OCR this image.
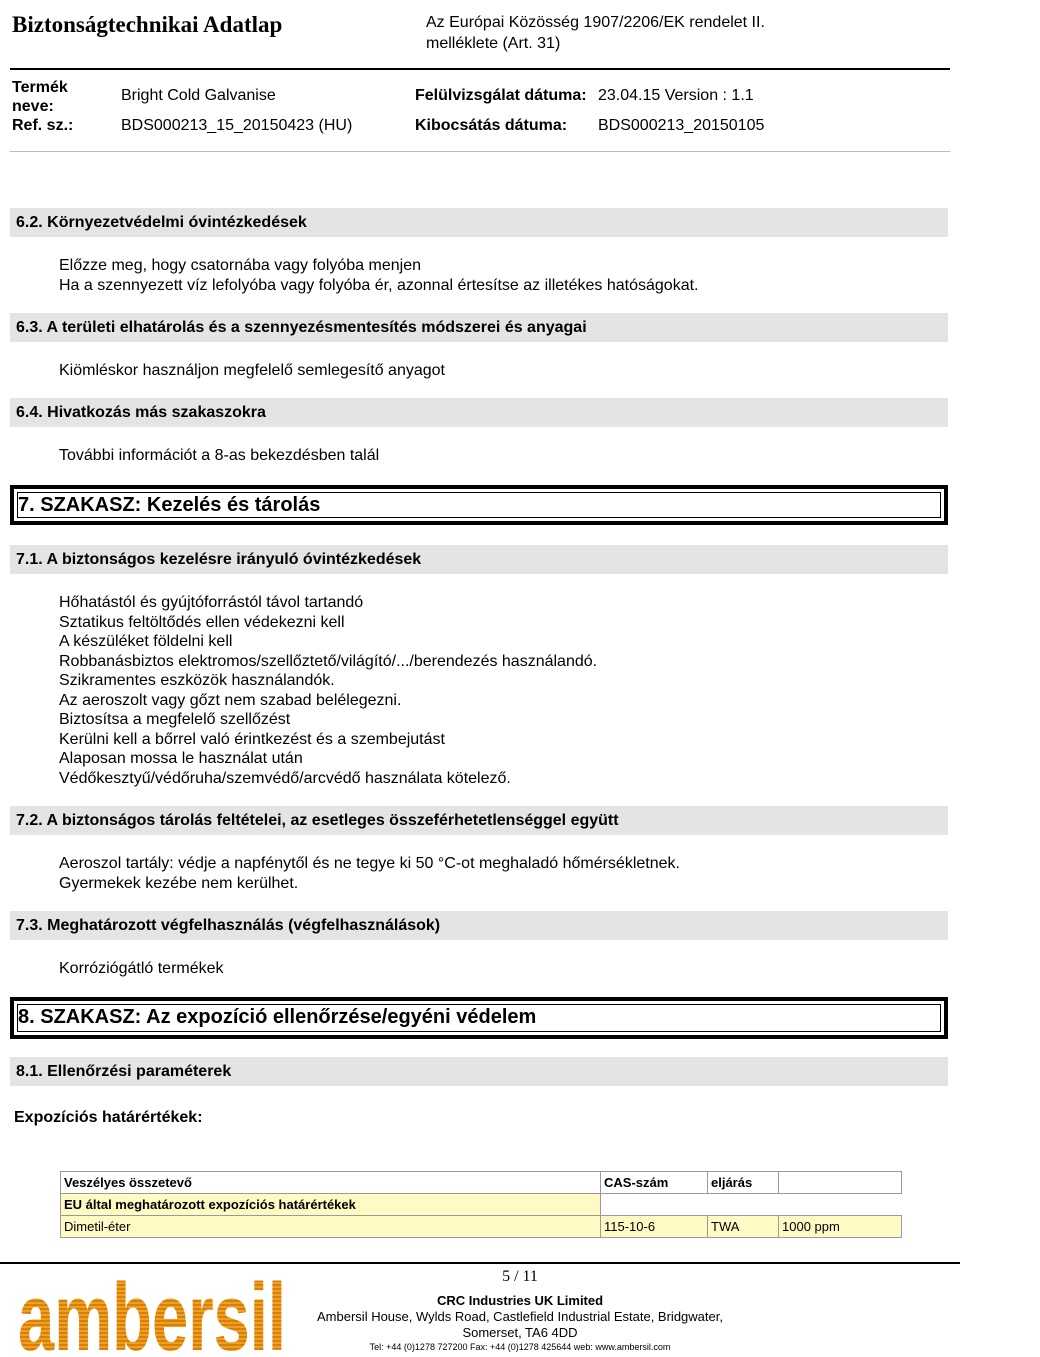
Biztonságtechnikai Adatlap	Az Európai Közösség 1907/2206/EK rendelet II.
melléklete (Art. 31)
Termék
neve:
Bright Cold Galvanise	Felülvizsgálat dátuma: 23.04.15 Version : 1.1
Ref. sz.:	BDS000213_15_20150423 (HU)	Kibocsátás dátuma: BDS000213_20150105
6.2. Környezetvédelmi óvintézkedések
Előzze meg, hogy csatornába vagy folyóba menjen
Ha a szennyezett víz lefolyóba vagy folyóba ér, azonnal értesítse az illetékes hatóságokat.
6.3. A területi elhatárolás és a szennyezésmentesítés módszerei és anyagai
Kiömléskor használjon megfelelő semlegesítő anyagot
6.4. Hivatkozás más szakaszokra
További információt a 8-as bekezdésben talál
7. SZAKASZ: Kezelés és tárolás
7.1. A biztonságos kezelésre irányuló óvintézkedések
Hőhatástól és gyújtóforrástól távol tartandó
Sztatikus feltöltődés ellen védekezni kell
A készüléket földelni kell
Robbanásbiztos elektromos/szellőztető/világító/.../berendezés használandó.
Szikramentes eszközök használandók.
Az aeroszolt vagy gőzt nem szabad belélegezni.
Biztosítsa a megfelelő szellőzést
Kerülni kell a bőrrel való érintkezést és a szembejutást
Alaposan mossa le használat után
Védőkesztyű/védőruha/szemvédő/arcvédő használata kötelező.
7.2. A biztonságos tárolás feltételei, az esetleges összeférhetetlenséggel együtt
Aeroszol tartály: védje a napfénytől és ne tegye ki 50 °C-ot meghaladó hőmérsékletnek.
Gyermekek kezébe nem kerülhet.
7.3. Meghatározott végfelhasználás (végfelhasználások)
Korróziógátló termékek
8. SZAKASZ: Az expozíció ellenőrzése/egyéni védelem
8.1. Ellenőrzési paraméterek
Expozíciós határértékek:
Veszélyes összetevő	CAS-szám	eljárás	
EU által meghatározott expozíciós határértékek			
Dimetil-éter	115-10-6	TWA	1000 ppm
ambersil	5 / 11
CRC Industries UK Limited
Ambersil House, Wylds Road, Castlefield Industrial Estate, Bridgwater,
Somerset, TA6 4DD
Tel: +44 (0)1278 727200 Fax: +44 (0)1278 425644 web: www.ambersil.com
